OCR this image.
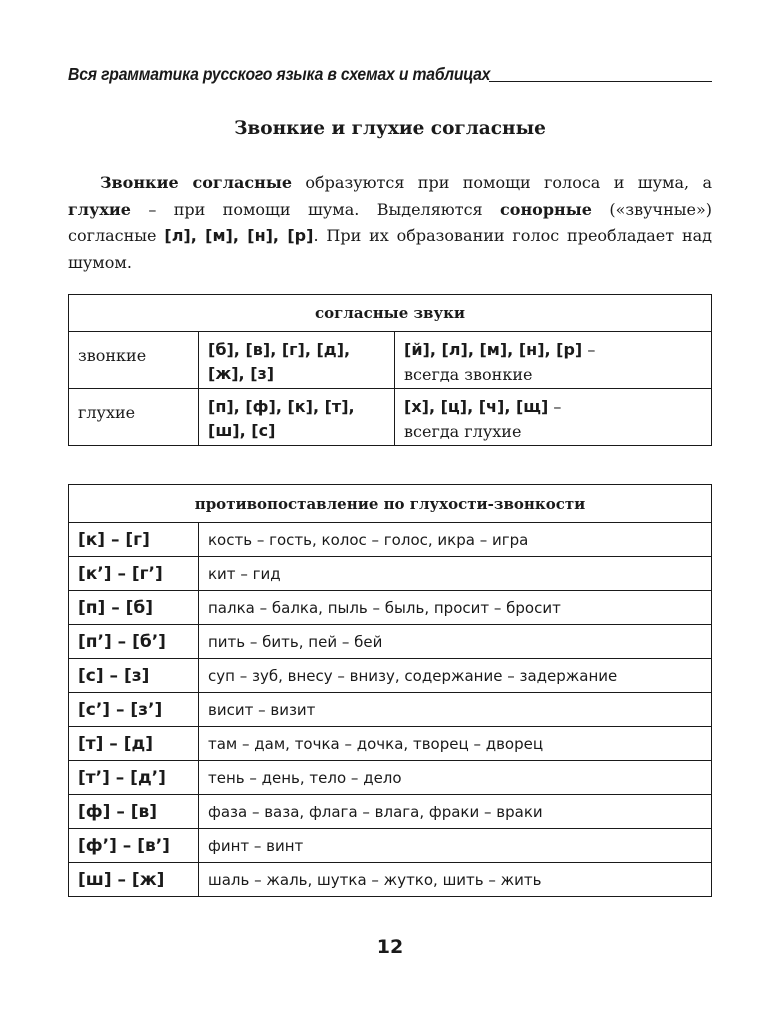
Вся грамматика русского языка в схемах и таблицах
Звонкие и глухие согласные

Звонкие согласные образуются при помощи голоса и шума, а глухие – при помощи шума. Выделяются сонорные («звучные») согласные [л], [м], [н], [р]. При их образовании голос преобладает над шумом.

согласные звуки		
звонкие	[б], [в], [г], [д], [ж], [з]	[й], [л], [м], [н], [р] –
всегда звонкие

глухие	[п], [ф], [к], [т], [ш], [с]	[х], [ц], [ч], [щ] –
всегда глухие
противопоставление по глухости-звонкости	
[к] – [г]	кость – гость, колос – голос, икра – игра
[к’] – [г’]	кит – гид
[п] – [б]	палка – балка, пыль – быль, просит – бросит
[п’] – [б’]	пить – бить, пей – бей
[с] – [з]	суп – зуб, внесу – внизу, содержание – задержание
[с’] – [з’]	висит – визит
[т] – [д]	там – дам, точка – дочка, творец – дворец
[т’] – [д’]	тень – день, тело – дело
[ф] – [в]	фаза – ваза, флага – влага, фраки – враки
[ф’] – [в’]	финт – винт
[ш] – [ж]	шаль – жаль, шутка – жутко, шить – жить
12
